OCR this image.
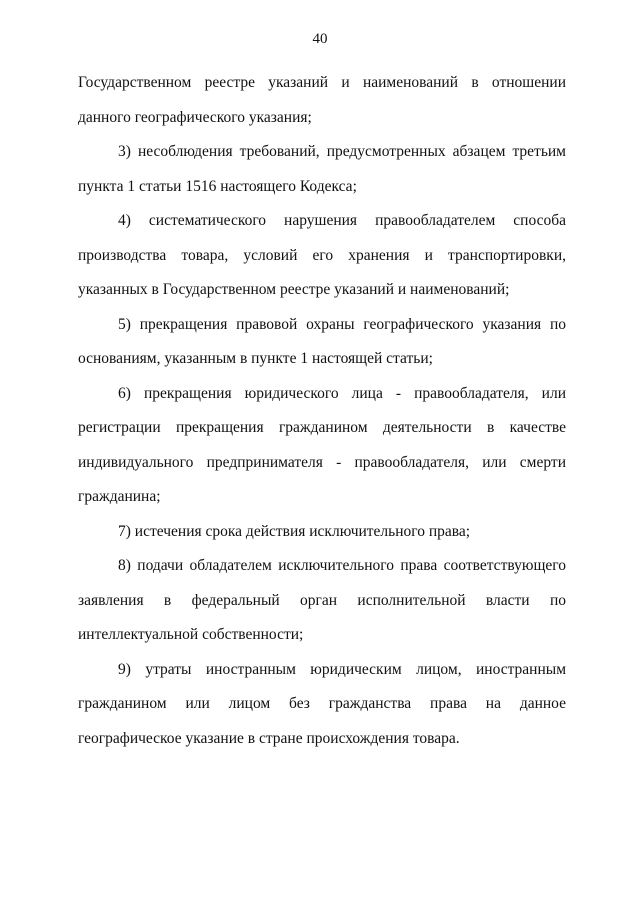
40

Государственном реестре указаний и наименований в отношении данного географического указания;

3) несоблюдения требований, предусмотренных абзацем третьим пункта 1 статьи 1516 настоящего Кодекса;

4) систематического нарушения правообладателем способа производства товара, условий его хранения и транспортировки, указанных в Государственном реестре указаний и наименований;

5) прекращения правовой охраны географического указания по основаниям, указанным в пункте 1 настоящей статьи;

6) прекращения юридического лица - правообладателя, или регистрации прекращения гражданином деятельности в качестве индивидуального предпринимателя - правообладателя, или смерти гражданина;

7) истечения срока действия исключительного права;

8) подачи обладателем исключительного права соответствующего заявления в федеральный орган исполнительной власти по интеллектуальной собственности;

9) утраты иностранным юридическим лицом, иностранным гражданином или лицом без гражданства права на данное географическое указание в стране происхождения товара.
